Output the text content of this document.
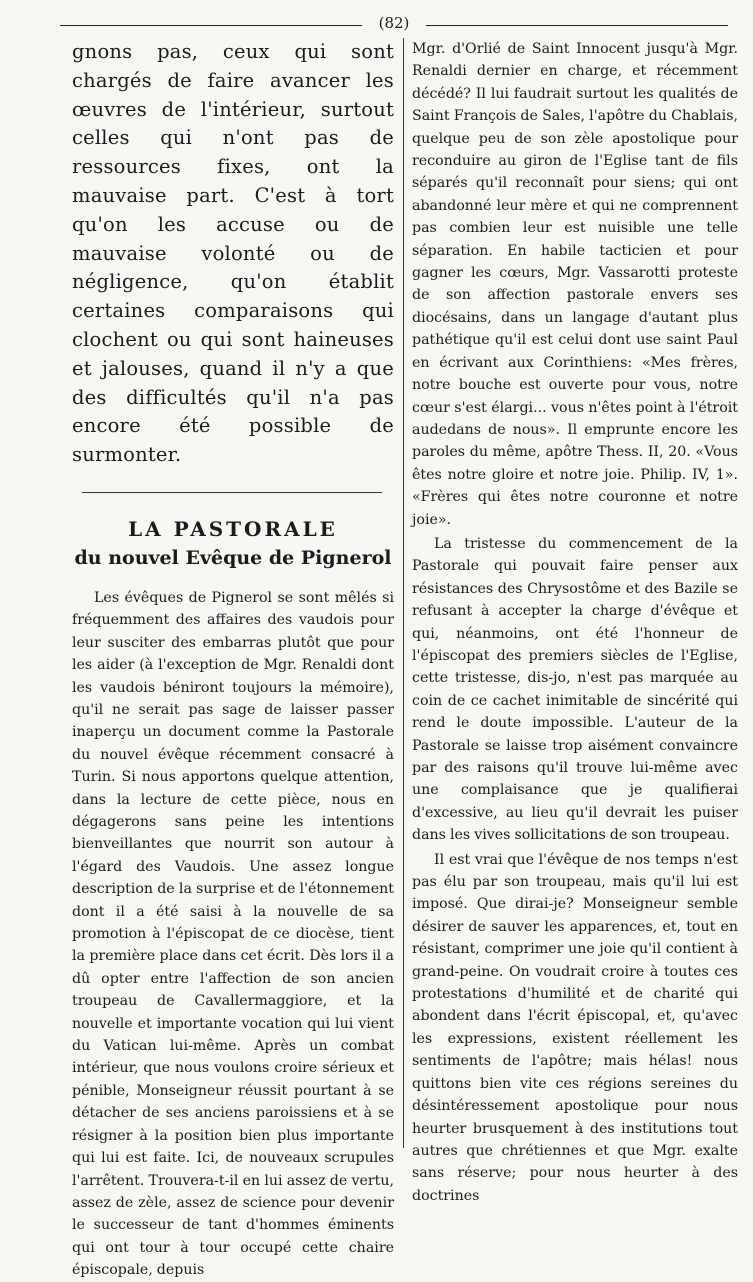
(82)

gnons pas, ceux qui sont chargés de faire avancer les œuvres de l'intérieur, surtout celles qui n'ont pas de ressources fixes, ont la mauvaise part. C'est à tort qu'on les accuse ou de mauvaise volonté ou de négligence, qu'on établit certaines comparaisons qui clochent ou qui sont haineuses et jalouses, quand il n'y a que des difficultés qu'il n'a pas encore été possible de surmonter.

LA PASTORALE
du nouvel Evêque de Pignerol

Les évêques de Pignerol se sont mêlés si fréquemment des affaires des vaudois pour leur susciter des embarras plutôt que pour les aider (à l'exception de Mgr. Renaldi dont les vaudois béniront toujours la mémoire), qu'il ne serait pas sage de laisser passer inaperçu un document comme la Pastorale du nouvel évêque récemment consacré à Turin. Si nous apportons quelque attention, dans la lecture de cette pièce, nous en dégagerons sans peine les intentions bienveillantes que nourrit son autour à l'égard des Vaudois. Une assez longue description de la surprise et de l'étonnement dont il a été saisi à la nouvelle de sa promotion à l'épiscopat de ce diocèse, tient la première place dans cet écrit. Dès lors il a dû opter entre l'affection de son ancien troupeau de Cavallermaggiore, et la nouvelle et importante vocation qui lui vient du Vatican lui-même. Après un combat intérieur, que nous voulons croire sérieux et pénible, Monseigneur réussit pourtant à se détacher de ses anciens paroissiens et à se résigner à la position bien plus importante qui lui est faite. Ici, de nouveaux scrupules l'arrêtent. Trouvera-t-il en lui assez de vertu, assez de zèle, assez de science pour devenir le successeur de tant d'hommes éminents qui ont tour à tour occupé cette chaire épiscopale, depuis

Mgr. d'Orlié de Saint Innocent jusqu'à Mgr. Renaldi dernier en charge, et récemment décédé? Il lui faudrait surtout les qualités de Saint François de Sales, l'apôtre du Chablais, quelque peu de son zèle apostolique pour reconduire au giron de l'Eglise tant de fils séparés qu'il reconnaît pour siens; qui ont abandonné leur mère et qui ne comprennent pas combien leur est nuisible une telle séparation. En habile tacticien et pour gagner les cœurs, Mgr. Vassarotti proteste de son affection pastorale envers ses diocésains, dans un langage d'autant plus pathétique qu'il est celui dont use saint Paul en écrivant aux Corinthiens: «Mes frères, notre bouche est ouverte pour vous, notre cœur s'est élargi... vous n'êtes point à l'étroit audedans de nous». Il emprunte encore les paroles du même, apôtre Thess. II, 20. «Vous êtes notre gloire et notre joie. Philip. IV, 1». «Frères qui êtes notre couronne et notre joie».

La tristesse du commencement de la Pastorale qui pouvait faire penser aux résistances des Chrysostôme et des Bazile se refusant à accepter la charge d'évêque et qui, néanmoins, ont été l'honneur de l'épiscopat des premiers siècles de l'Eglise, cette tristesse, dis-jo, n'est pas marquée au coin de ce cachet inimitable de sincérité qui rend le doute impossible. L'auteur de la Pastorale se laisse trop aisément convaincre par des raisons qu'il trouve lui-même avec une complaisance que je qualifierai d'excessive, au lieu qu'il devrait les puiser dans les vives sollicitations de son troupeau.

Il est vrai que l'évêque de nos temps n'est pas élu par son troupeau, mais qu'il lui est imposé. Que dirai-je? Monseigneur semble désirer de sauver les apparences, et, tout en résistant, comprimer une joie qu'il contient à grand-peine. On voudrait croire à toutes ces protestations d'humilité et de charité qui abondent dans l'écrit épiscopal, et, qu'avec les expressions, existent réellement les sentiments de l'apôtre; mais hélas! nous quittons bien vite ces régions sereines du désintéressement apostolique pour nous heurter brusquement à des institutions tout autres que chrétiennes et que Mgr. exalte sans réserve; pour nous heurter à des doctrines
